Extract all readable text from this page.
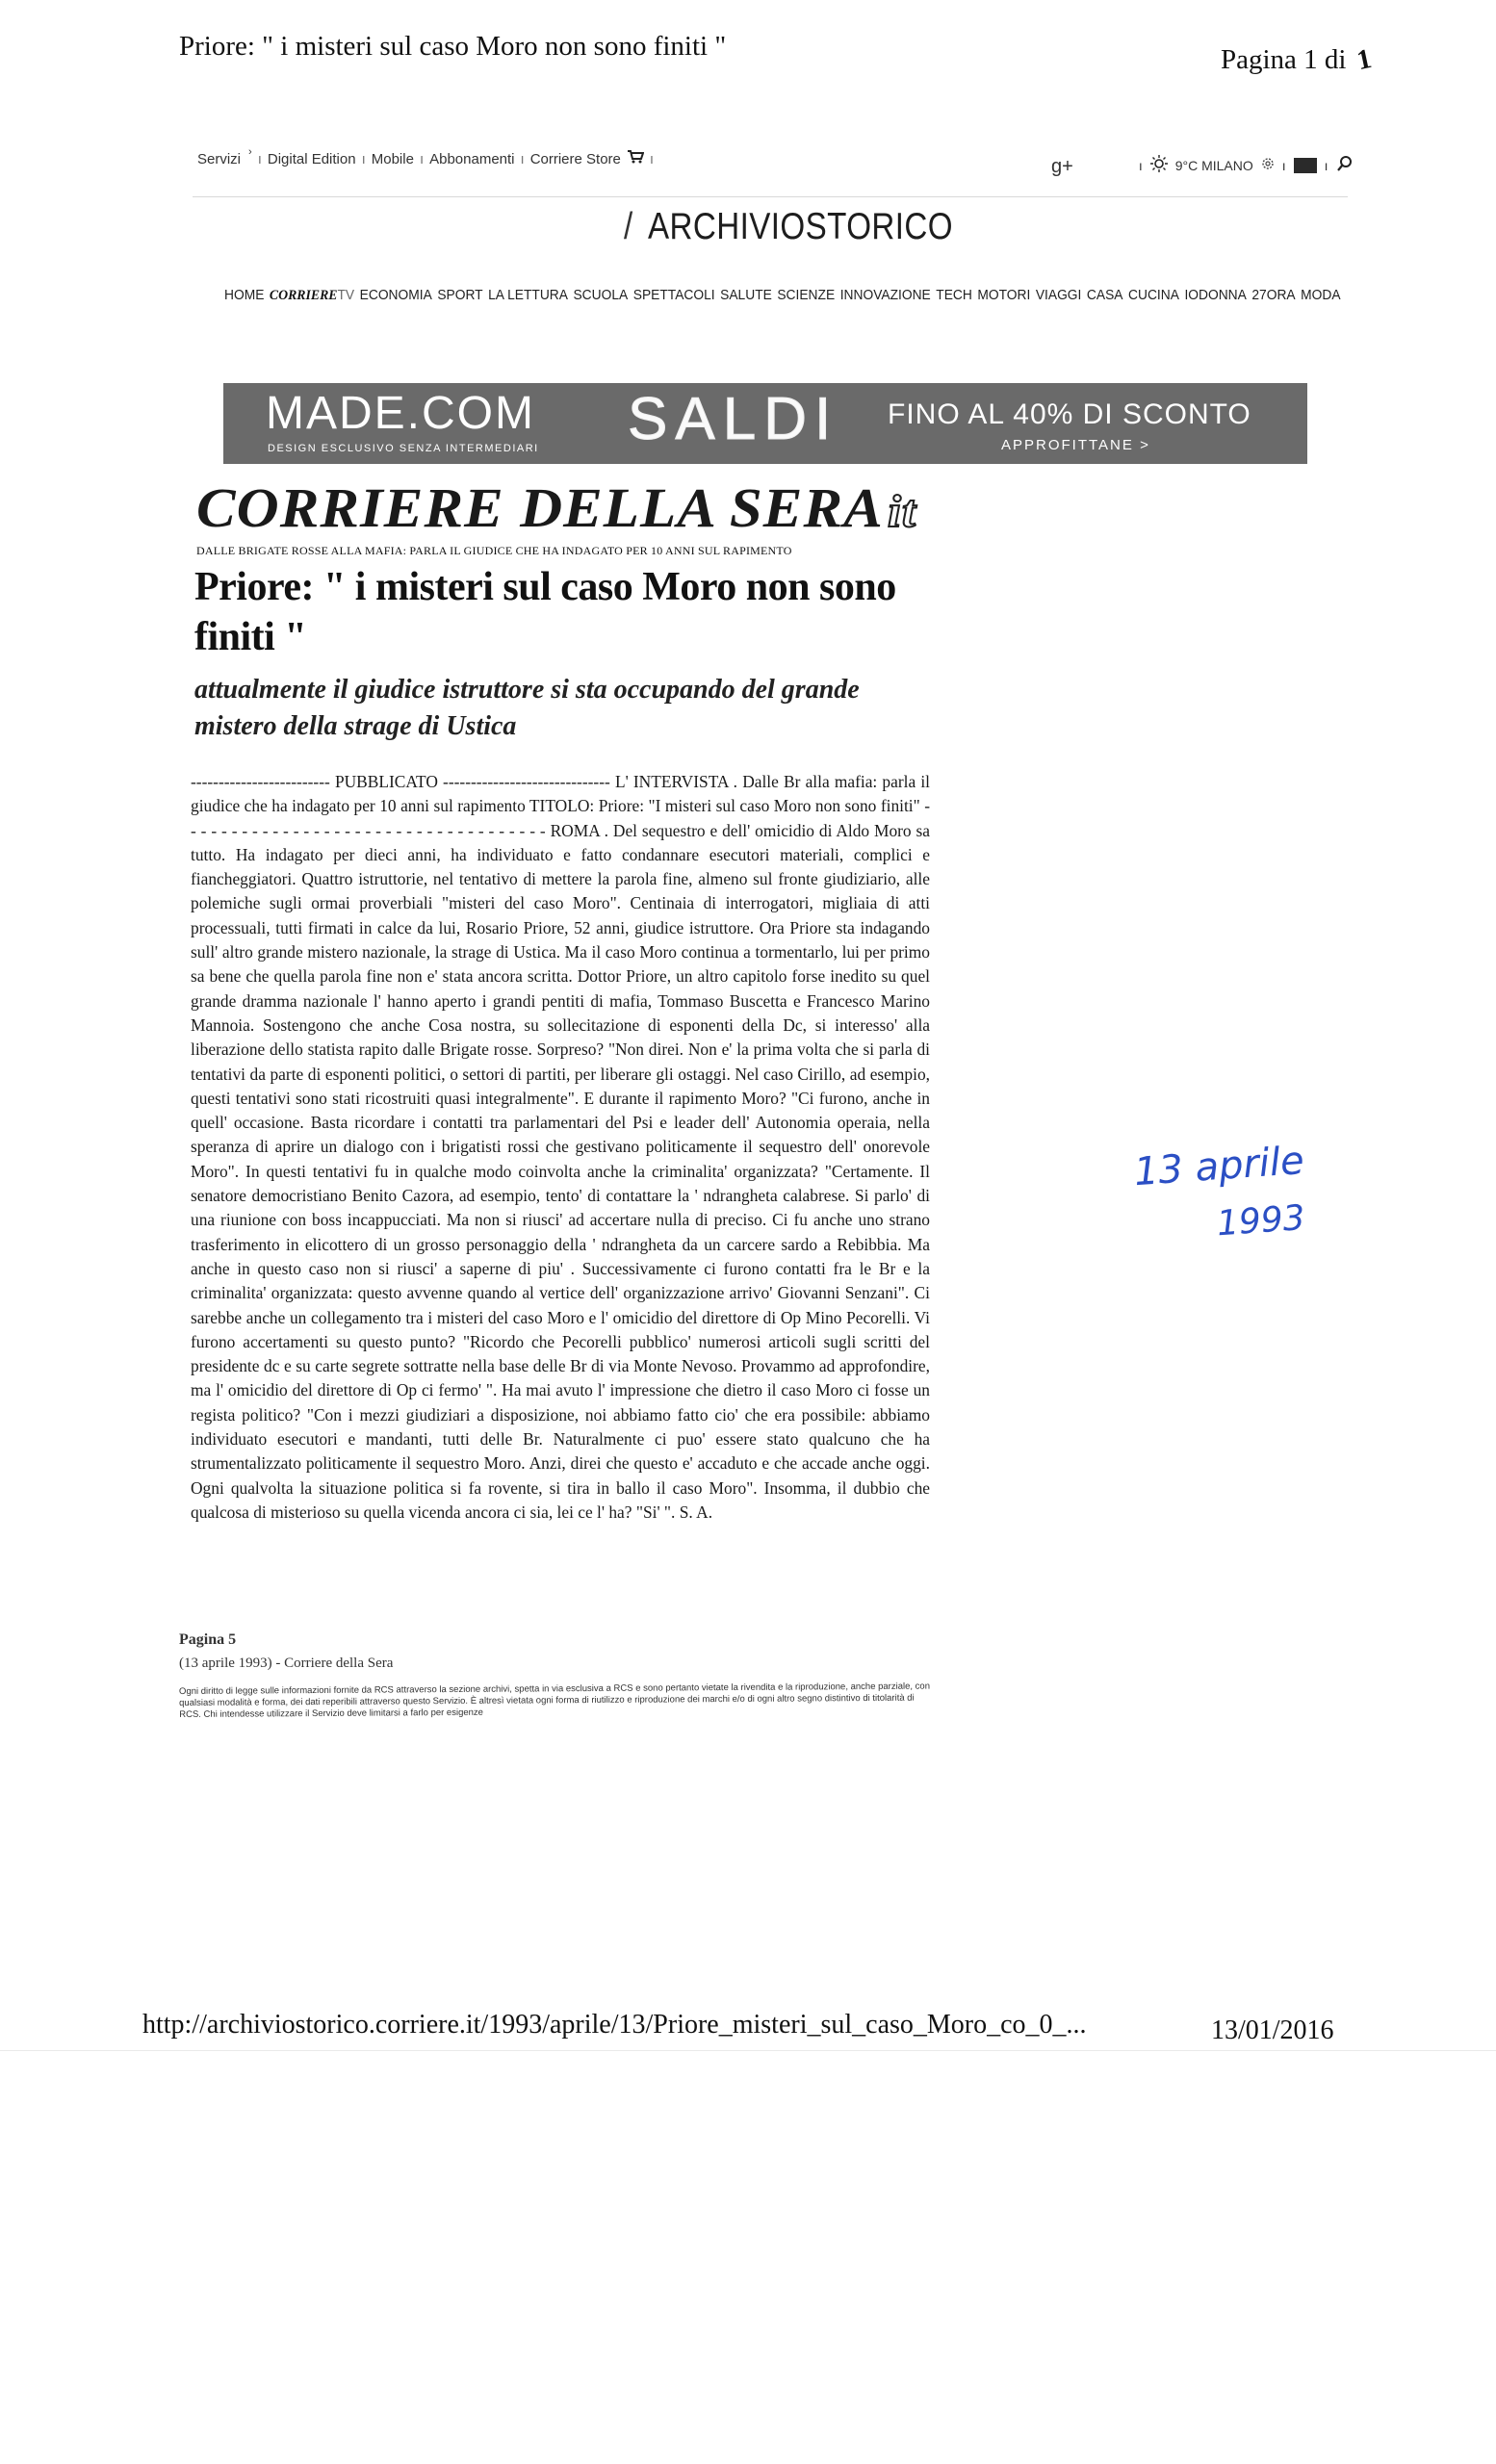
Priore: " i misteri sul caso Moro non sono finiti "	Pagina 1 di 1
Servizi › ı Digital Edition ı Mobile ı Abbonamenti ı Corriere Store ı	g+	ı 9°C MILANO ı	ı
/ ARCHIVIOSTORICO
HOME CORRIERETV ECONOMIA SPORT LA LETTURA SCUOLA SPETTACOLI SALUTE SCIENZE INNOVAZIONE TECH MOTORI VIAGGI CASA CUCINA IODONNA 27ORA MODA
MADE.COM
DESIGN ESCLUSIVO SENZA INTERMEDIARI SALDI FINO AL 40% DI SCONTO
APPROFITTANE >
CORRIERE DELLA SERAit
DALLE BRIGATE ROSSE ALLA MAFIA: PARLA IL GIUDICE CHE HA INDAGATO PER 10 ANNI SUL RAPIMENTO
Priore: " i misteri sul caso Moro non sono finiti "
attualmente il giudice istruttore si sta occupando del grande mistero della strage di Ustica
------------------------- PUBBLICATO ------------------------------ L' INTERVISTA . Dalle Br alla mafia: parla il giudice che ha indagato per 10 anni sul rapimento TITOLO: Priore: "I misteri sul caso Moro non sono finiti" - - - - - - - - - - - - - - - - - - - - - - - - - - - - - - - - - - - - ROMA . Del sequestro e dell' omicidio di Aldo Moro sa tutto. Ha indagato per dieci anni, ha individuato e fatto condannare esecutori materiali, complici e fiancheggiatori. Quattro istruttorie, nel tentativo di mettere la parola fine, almeno sul fronte giudiziario, alle polemiche sugli ormai proverbiali "misteri del caso Moro". Centinaia di interrogatori, migliaia di atti processuali, tutti firmati in calce da lui, Rosario Priore, 52 anni, giudice istruttore. Ora Priore sta indagando sull' altro grande mistero nazionale, la strage di Ustica. Ma il caso Moro continua a tormentarlo, lui per primo sa bene che quella parola fine non e' stata ancora scritta. Dottor Priore, un altro capitolo forse inedito su quel grande dramma nazionale l' hanno aperto i grandi pentiti di mafia, Tommaso Buscetta e Francesco Marino Mannoia. Sostengono che anche Cosa nostra, su sollecitazione di esponenti della Dc, si interesso' alla liberazione dello statista rapito dalle Brigate rosse. Sorpreso? "Non direi. Non e' la prima volta che si parla di tentativi da parte di esponenti politici, o settori di partiti, per liberare gli ostaggi. Nel caso Cirillo, ad esempio, questi tentativi sono stati ricostruiti quasi integralmente". E durante il rapimento Moro? "Ci furono, anche in quell' occasione. Basta ricordare i contatti tra parlamentari del Psi e leader dell' Autonomia operaia, nella speranza di aprire un dialogo con i brigatisti rossi che gestivano politicamente il sequestro dell' onorevole Moro". In questi tentativi fu in qualche modo coinvolta anche la criminalita' organizzata? "Certamente. Il senatore democristiano Benito Cazora, ad esempio, tento' di contattare la ' ndrangheta calabrese. Si parlo' di una riunione con boss incappucciati. Ma non si riusci' ad accertare nulla di preciso. Ci fu anche uno strano trasferimento in elicottero di un grosso personaggio della ' ndrangheta da un carcere sardo a Rebibbia. Ma anche in questo caso non si riusci' a saperne di piu' . Successivamente ci furono contatti fra le Br e la criminalita' organizzata: questo avvenne quando al vertice dell' organizzazione arrivo' Giovanni Senzani". Ci sarebbe anche un collegamento tra i misteri del caso Moro e l' omicidio del direttore di Op Mino Pecorelli. Vi furono accertamenti su questo punto? "Ricordo che Pecorelli pubblico' numerosi articoli sugli scritti del presidente dc e su carte segrete sottratte nella base delle Br di via Monte Nevoso. Provammo ad approfondire, ma l' omicidio del direttore di Op ci fermo' ". Ha mai avuto l' impressione che dietro il caso Moro ci fosse un regista politico? "Con i mezzi giudiziari a disposizione, noi abbiamo fatto cio' che era possibile: abbiamo individuato esecutori e mandanti, tutti delle Br. Naturalmente ci puo' essere stato qualcuno che ha strumentalizzato politicamente il sequestro Moro. Anzi, direi che questo e' accaduto e che accade anche oggi. Ogni qualvolta la situazione politica si fa rovente, si tira in ballo il caso Moro". Insomma, il dubbio che qualcosa di misterioso su quella vicenda ancora ci sia, lei ce l' ha? "Si' ". S. A.
13 aprile
1993
Pagina 5
(13 aprile 1993) - Corriere della Sera
Ogni diritto di legge sulle informazioni fornite da RCS attraverso la sezione archivi, spetta in via esclusiva a RCS e sono pertanto vietate la rivendita e la riproduzione, anche parziale, con qualsiasi modalità e forma, dei dati reperibili attraverso questo Servizio. È altresì vietata ogni forma di riutilizzo e riproduzione dei marchi e/o di ogni altro segno distintivo di titolarità di RCS. Chi intendesse utilizzare il Servizio deve limitarsi a farlo per esigenze
http://archiviostorico.corriere.it/1993/aprile/13/Priore_misteri_sul_caso_Moro_co_0_...	13/01/2016
